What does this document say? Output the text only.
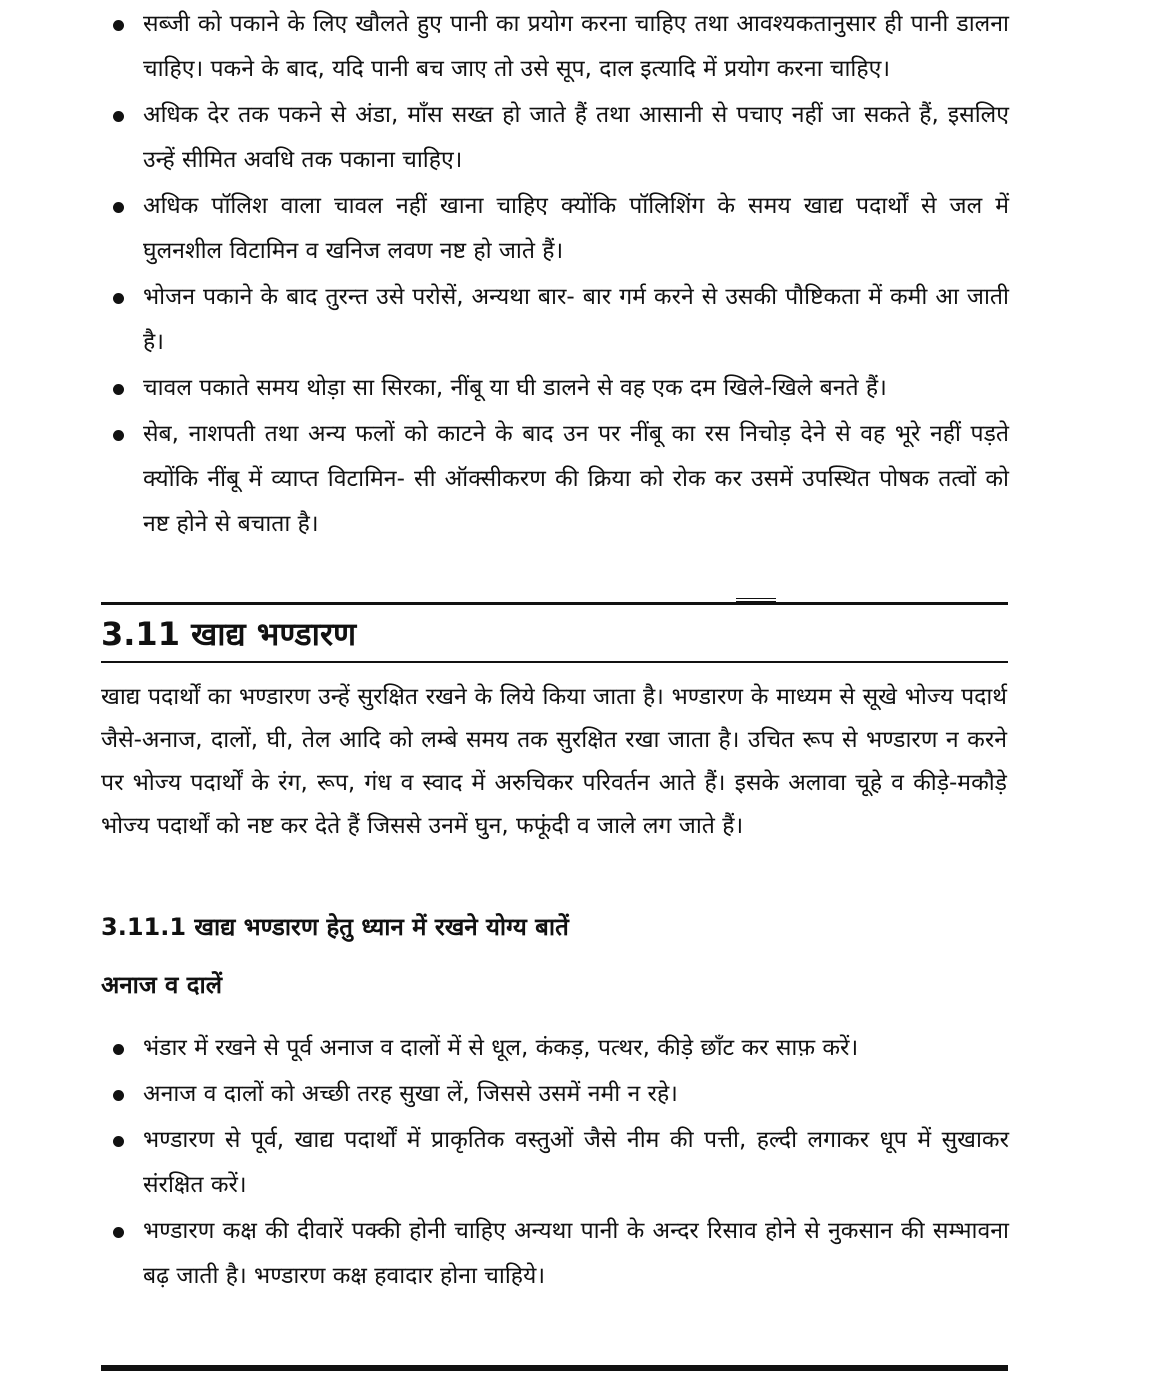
सब्जी को पकाने के लिए खौलते हुए पानी का प्रयोग करना चाहिए तथा आवश्यकतानुसार ही पानी डालना चाहिए। पकने के बाद, यदि पानी बच जाए तो उसे सूप, दाल इत्यादि में प्रयोग करना चाहिए।
अधिक देर तक पकने से अंडा, माँस सख्त हो जाते हैं तथा आसानी से पचाए नहीं जा सकते हैं, इसलिए उन्हें सीमित अवधि तक पकाना चाहिए।
अधिक पॉलिश वाला चावल नहीं खाना चाहिए क्योंकि पॉलिशिंग के समय खाद्य पदार्थों से जल में घुलनशील विटामिन व खनिज लवण नष्ट हो जाते हैं।
भोजन पकाने के बाद तुरन्त उसे परोसें, अन्यथा बार- बार गर्म करने से उसकी पौष्टिकता में कमी आ जाती है।
चावल पकाते समय थोड़ा सा सिरका, नींबू या घी डालने से वह एक दम खिले-खिले बनते हैं।
सेब, नाशपती तथा अन्य फलों को काटने के बाद उन पर नींबू का रस निचोड़ देने से वह भूरे नहीं पड़ते क्योंकि नींबू में व्याप्त विटामिन- सी ऑक्सीकरण की क्रिया को रोक कर उसमें उपस्थित पोषक तत्वों को नष्ट होने से बचाता है।
3.11 खाद्य भण्डारण

खाद्य पदार्थों का भण्डारण उन्हें सुरक्षित रखने के लिये किया जाता है। भण्डारण के माध्यम से सूखे भोज्य पदार्थ जैसे-अनाज, दालों, घी, तेल आदि को लम्बे समय तक सुरक्षित रखा जाता है। उचित रूप से भण्डारण न करने पर भोज्य पदार्थों के रंग, रूप, गंध व स्वाद में अरुचिकर परिवर्तन आते हैं। इसके अलावा चूहे व कीड़े-मकौड़े भोज्य पदार्थों को नष्ट कर देते हैं जिससे उनमें घुन, फफूंदी व जाले लग जाते हैं।

3.11.1 खाद्य भण्डारण हेतु ध्यान में रखने योग्य बातें
अनाज व दालें
भंडार में रखने से पूर्व अनाज व दालों में से धूल, कंकड़, पत्थर, कीड़े छाँट कर साफ़ करें।
अनाज व दालों को अच्छी तरह सुखा लें, जिससे उसमें नमी न रहे।
भण्डारण से पूर्व, खाद्य पदार्थों में प्राकृतिक वस्तुओं जैसे नीम की पत्ती, हल्दी लगाकर धूप में सुखाकर संरक्षित करें।
भण्डारण कक्ष की दीवारें पक्की होनी चाहिए अन्यथा पानी के अन्दर रिसाव होने से नुकसान की सम्भावना बढ़ जाती है। भण्डारण कक्ष हवादार होना चाहिये।
